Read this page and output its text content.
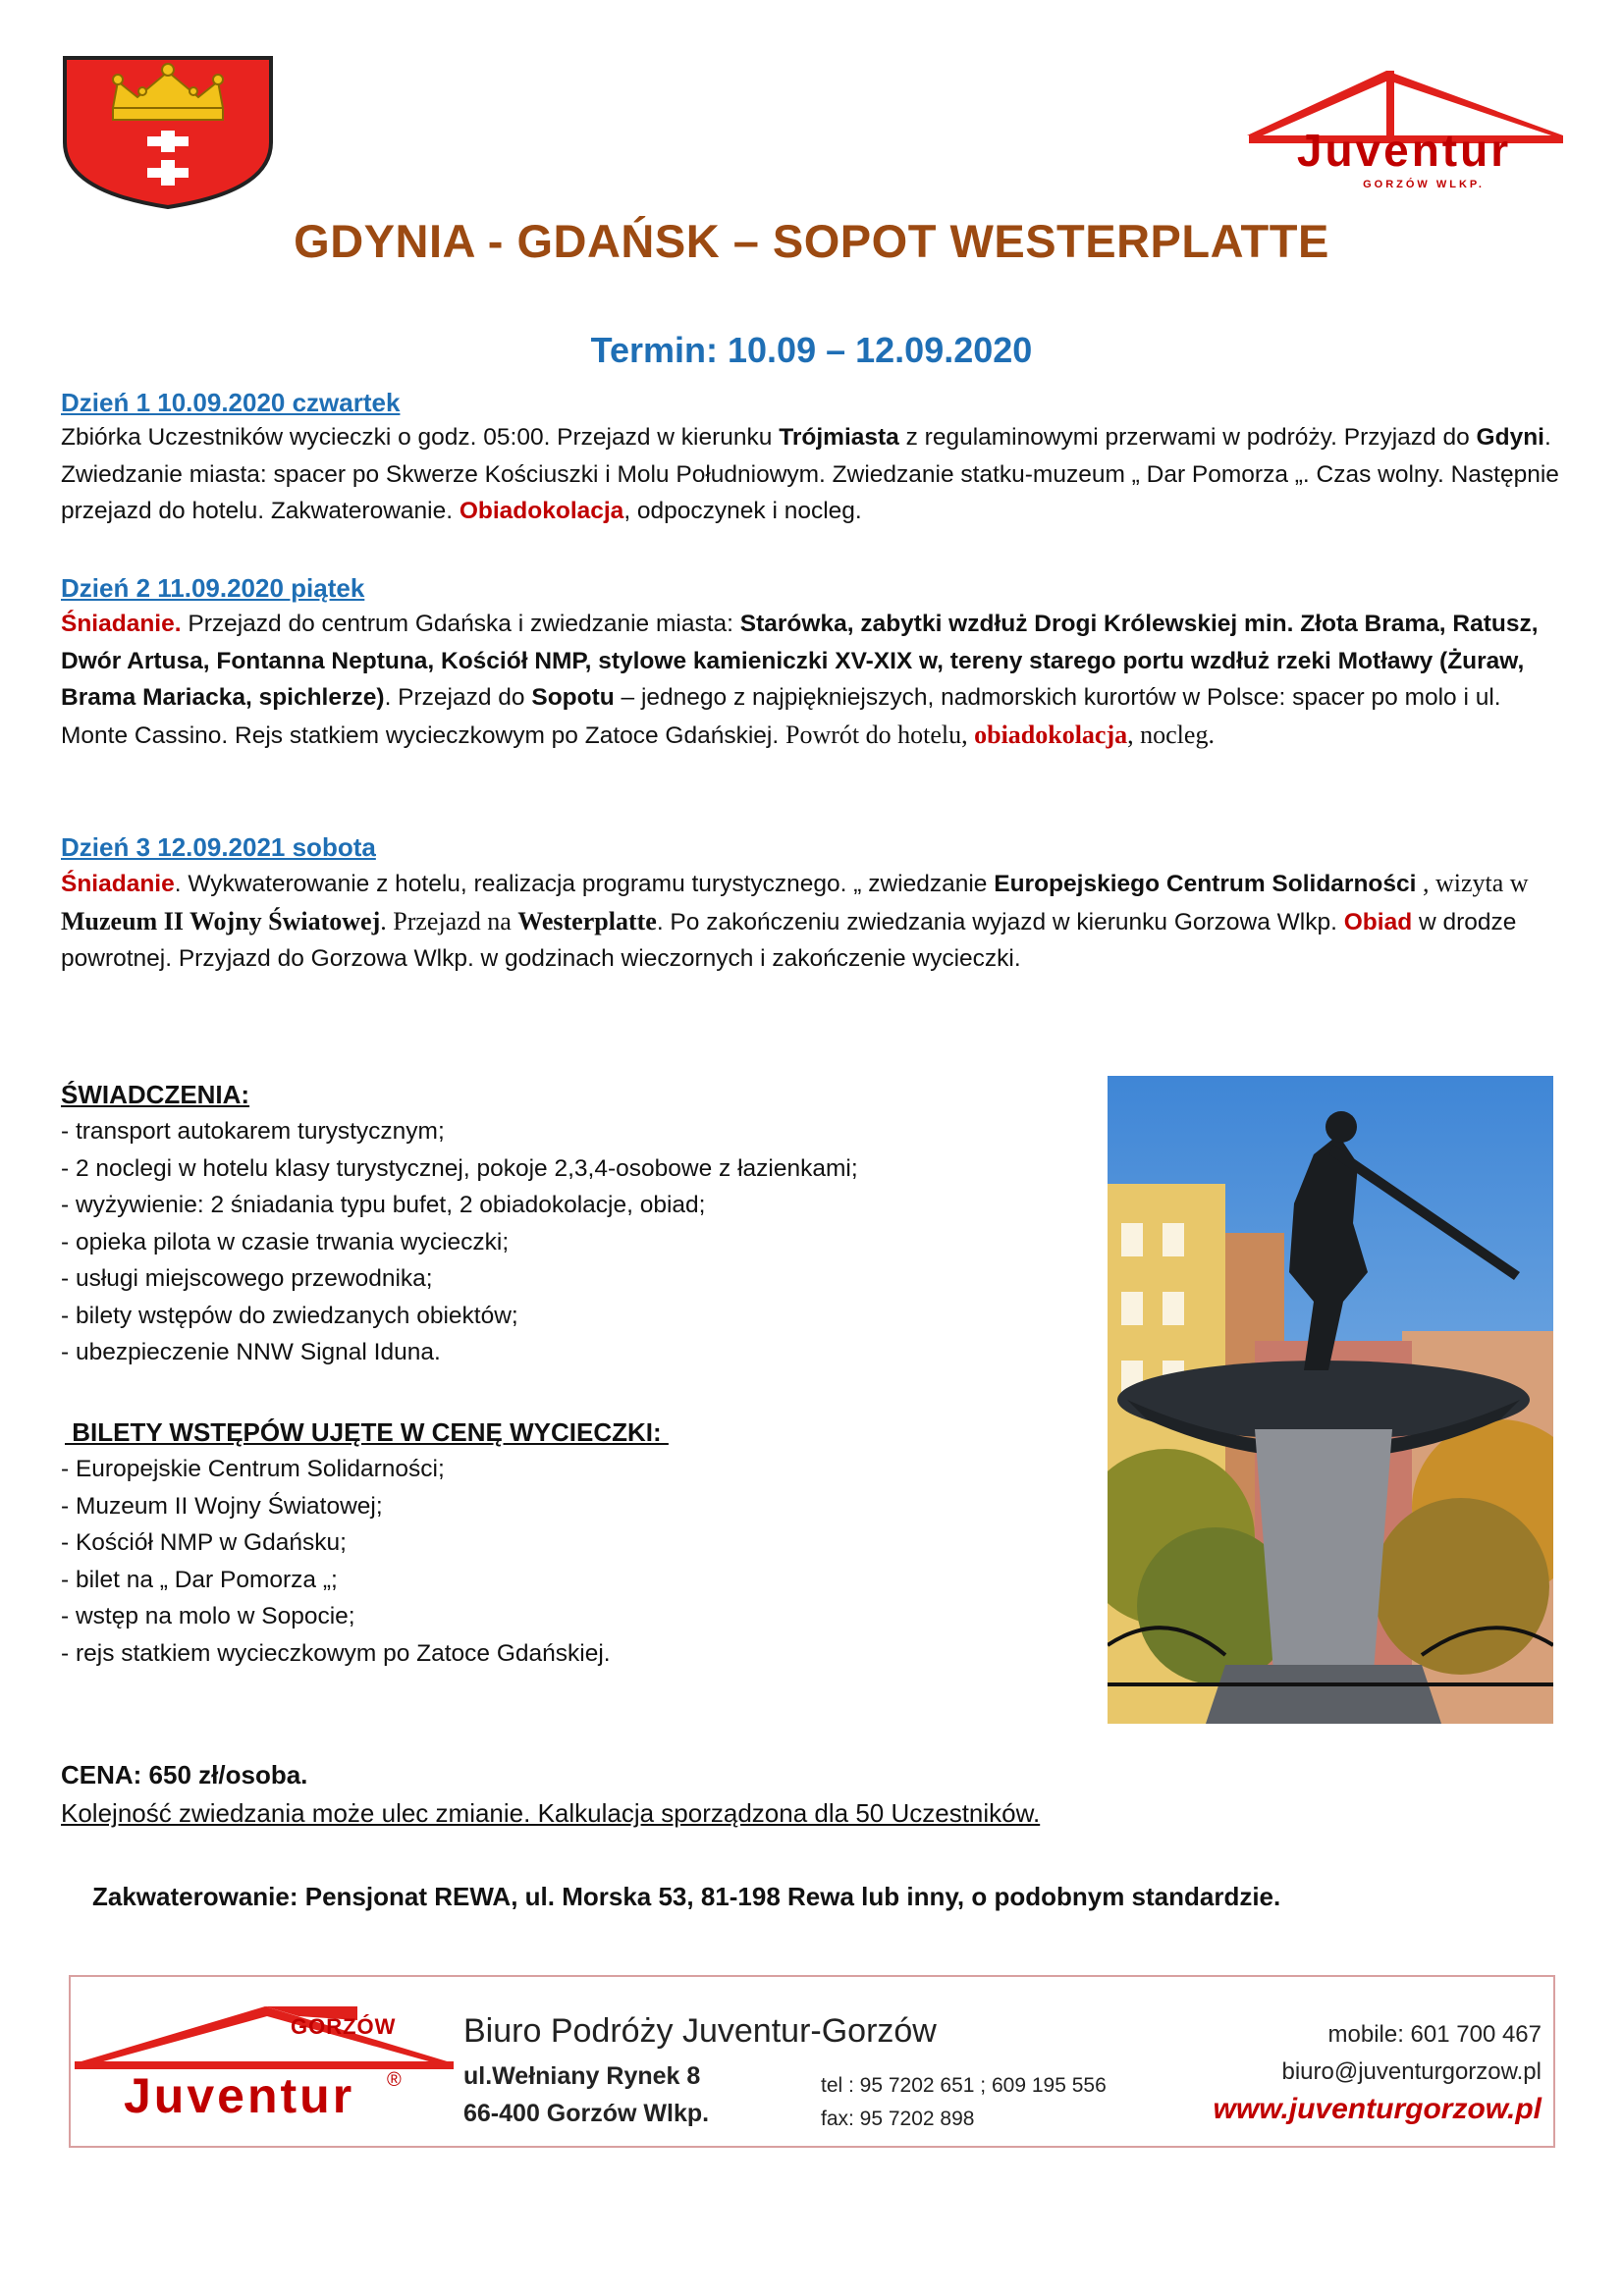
Juventur
GORZÓW WLKP.
GDYNIA - GDAŃSK – SOPOT WESTERPLATTE
Termin: 10.09 – 12.09.2020
Dzień 1 10.09.2020 czwartek
Zbiórka Uczestników wycieczki o godz. 05:00. Przejazd w kierunku Trójmiasta z regulaminowymi przerwami w podróży. Przyjazd do Gdyni. Zwiedzanie miasta: spacer po Skwerze Kościuszki i Molu Południowym. Zwiedzanie statku-muzeum „ Dar Pomorza „. Czas wolny. Następnie przejazd do hotelu. Zakwaterowanie. Obiadokolacja, odpoczynek i nocleg.
Dzień 2 11.09.2020 piątek
Śniadanie. Przejazd do centrum Gdańska i zwiedzanie miasta: Starówka, zabytki wzdłuż Drogi Królewskiej min. Złota Brama, Ratusz, Dwór Artusa, Fontanna Neptuna, Kościół NMP, stylowe kamieniczki XV-XIX w, tereny starego portu wzdłuż rzeki Motławy (Żuraw, Brama Mariacka, spichlerze). Przejazd do Sopotu – jednego z najpiękniejszych, nadmorskich kurortów w Polsce: spacer po molo i ul. Monte Cassino. Rejs statkiem wycieczkowym po Zatoce Gdańskiej. Powrót do hotelu, obiadokolacja, nocleg.
Dzień 3 12.09.2021 sobota
Śniadanie. Wykwaterowanie z hotelu, realizacja programu turystycznego. „ zwiedzanie Europejskiego Centrum Solidarności , wizyta w Muzeum II Wojny Światowej. Przejazd na Westerplatte. Po zakończeniu zwiedzania wyjazd w kierunku Gorzowa Wlkp. Obiad w drodze powrotnej. Przyjazd do Gorzowa Wlkp. w godzinach wieczornych i zakończenie wycieczki.
ŚWIADCZENIA:
- transport autokarem turystycznym;
- 2 noclegi w hotelu klasy turystycznej, pokoje 2,3,4-osobowe z łazienkami;
- wyżywienie: 2 śniadania typu bufet, 2 obiadokolacje, obiad;
- opieka pilota w czasie trwania wycieczki;
- usługi miejscowego przewodnika;
- bilety wstępów do zwiedzanych obiektów;
- ubezpieczenie NNW Signal Iduna.
BILETY WSTĘPÓW UJĘTE W CENĘ WYCIECZKI:
- Europejskie Centrum Solidarności;
- Muzeum II Wojny Światowej;
- Kościół NMP w Gdańsku;
- bilet na „ Dar Pomorza „;
- wstęp na molo w Sopocie;
- rejs statkiem wycieczkowym po Zatoce Gdańskiej.
CENA: 650 zł/osoba.
Kolejność zwiedzania może ulec zmianie. Kalkulacja sporządzona dla 50 Uczestników.
Zakwaterowanie: Pensjonat REWA, ul. Morska 53, 81-198 Rewa lub inny, o podobnym standardzie.
GORZÓW
Juventur ®
Biuro Podróży Juventur-Gorzów
ul.Wełniany Rynek 8
66-400 Gorzów Wlkp.
tel : 95 7202 651 ; 609 195 556
fax: 95 7202 898
mobile: 601 700 467
biuro@juventurgorzow.pl
www.juventurgorzow.pl
